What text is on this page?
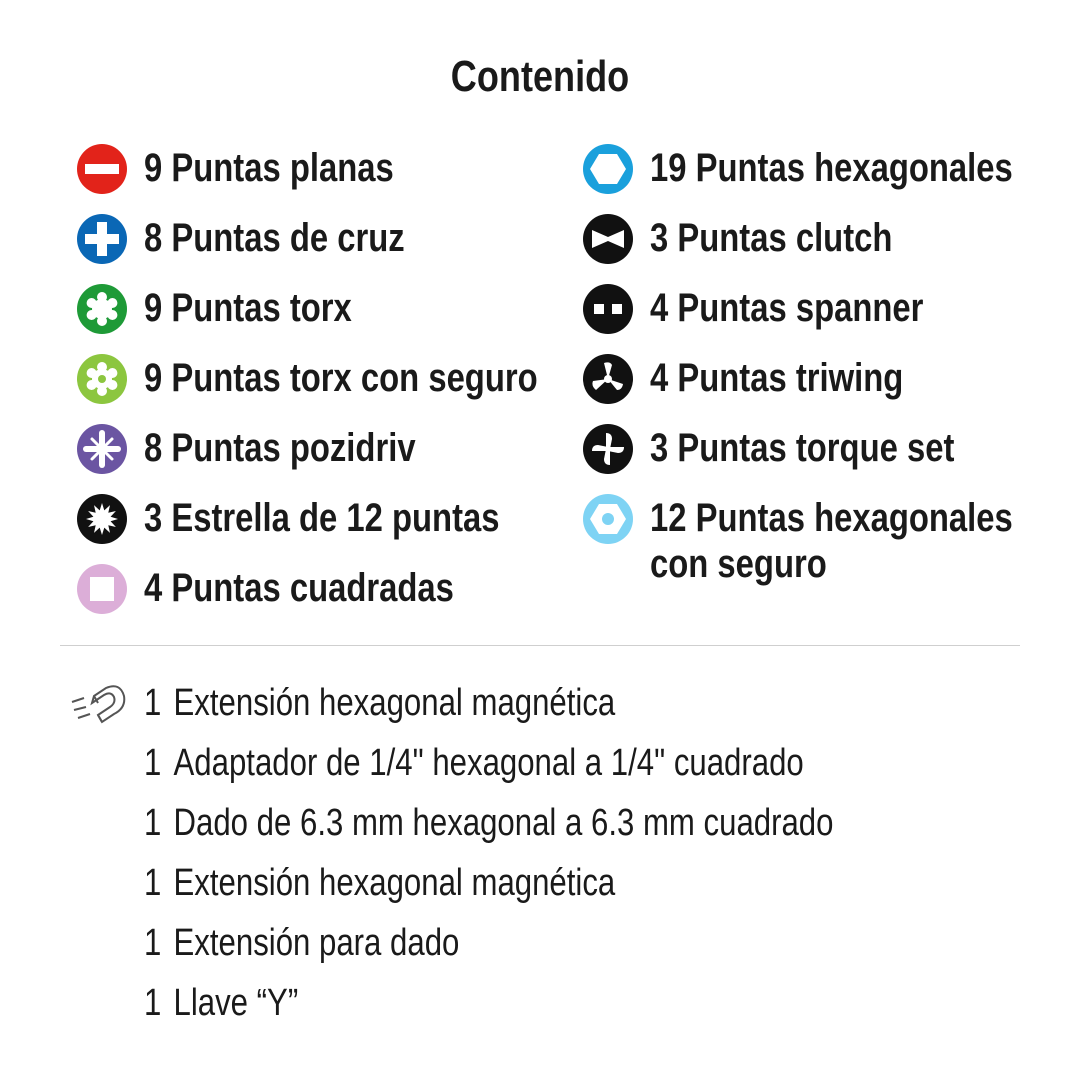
Contenido
9 Puntas planas
8 Puntas de cruz
9 Puntas torx
9 Puntas torx con seguro
8 Puntas pozidriv
3 Estrella de 12 puntas
4 Puntas cuadradas
19 Puntas hexagonales
3 Puntas clutch
4 Puntas spanner
4 Puntas triwing
3 Puntas torque set
12 Puntas hexagonales
con seguro
1 Extensión hexagonal magnética
1 Adaptador de 1/4" hexagonal a 1/4" cuadrado
1 Dado de 6.3 mm hexagonal a 6.3 mm cuadrado
1 Extensión hexagonal magnética
1 Extensión para dado
1 Llave “Y”
